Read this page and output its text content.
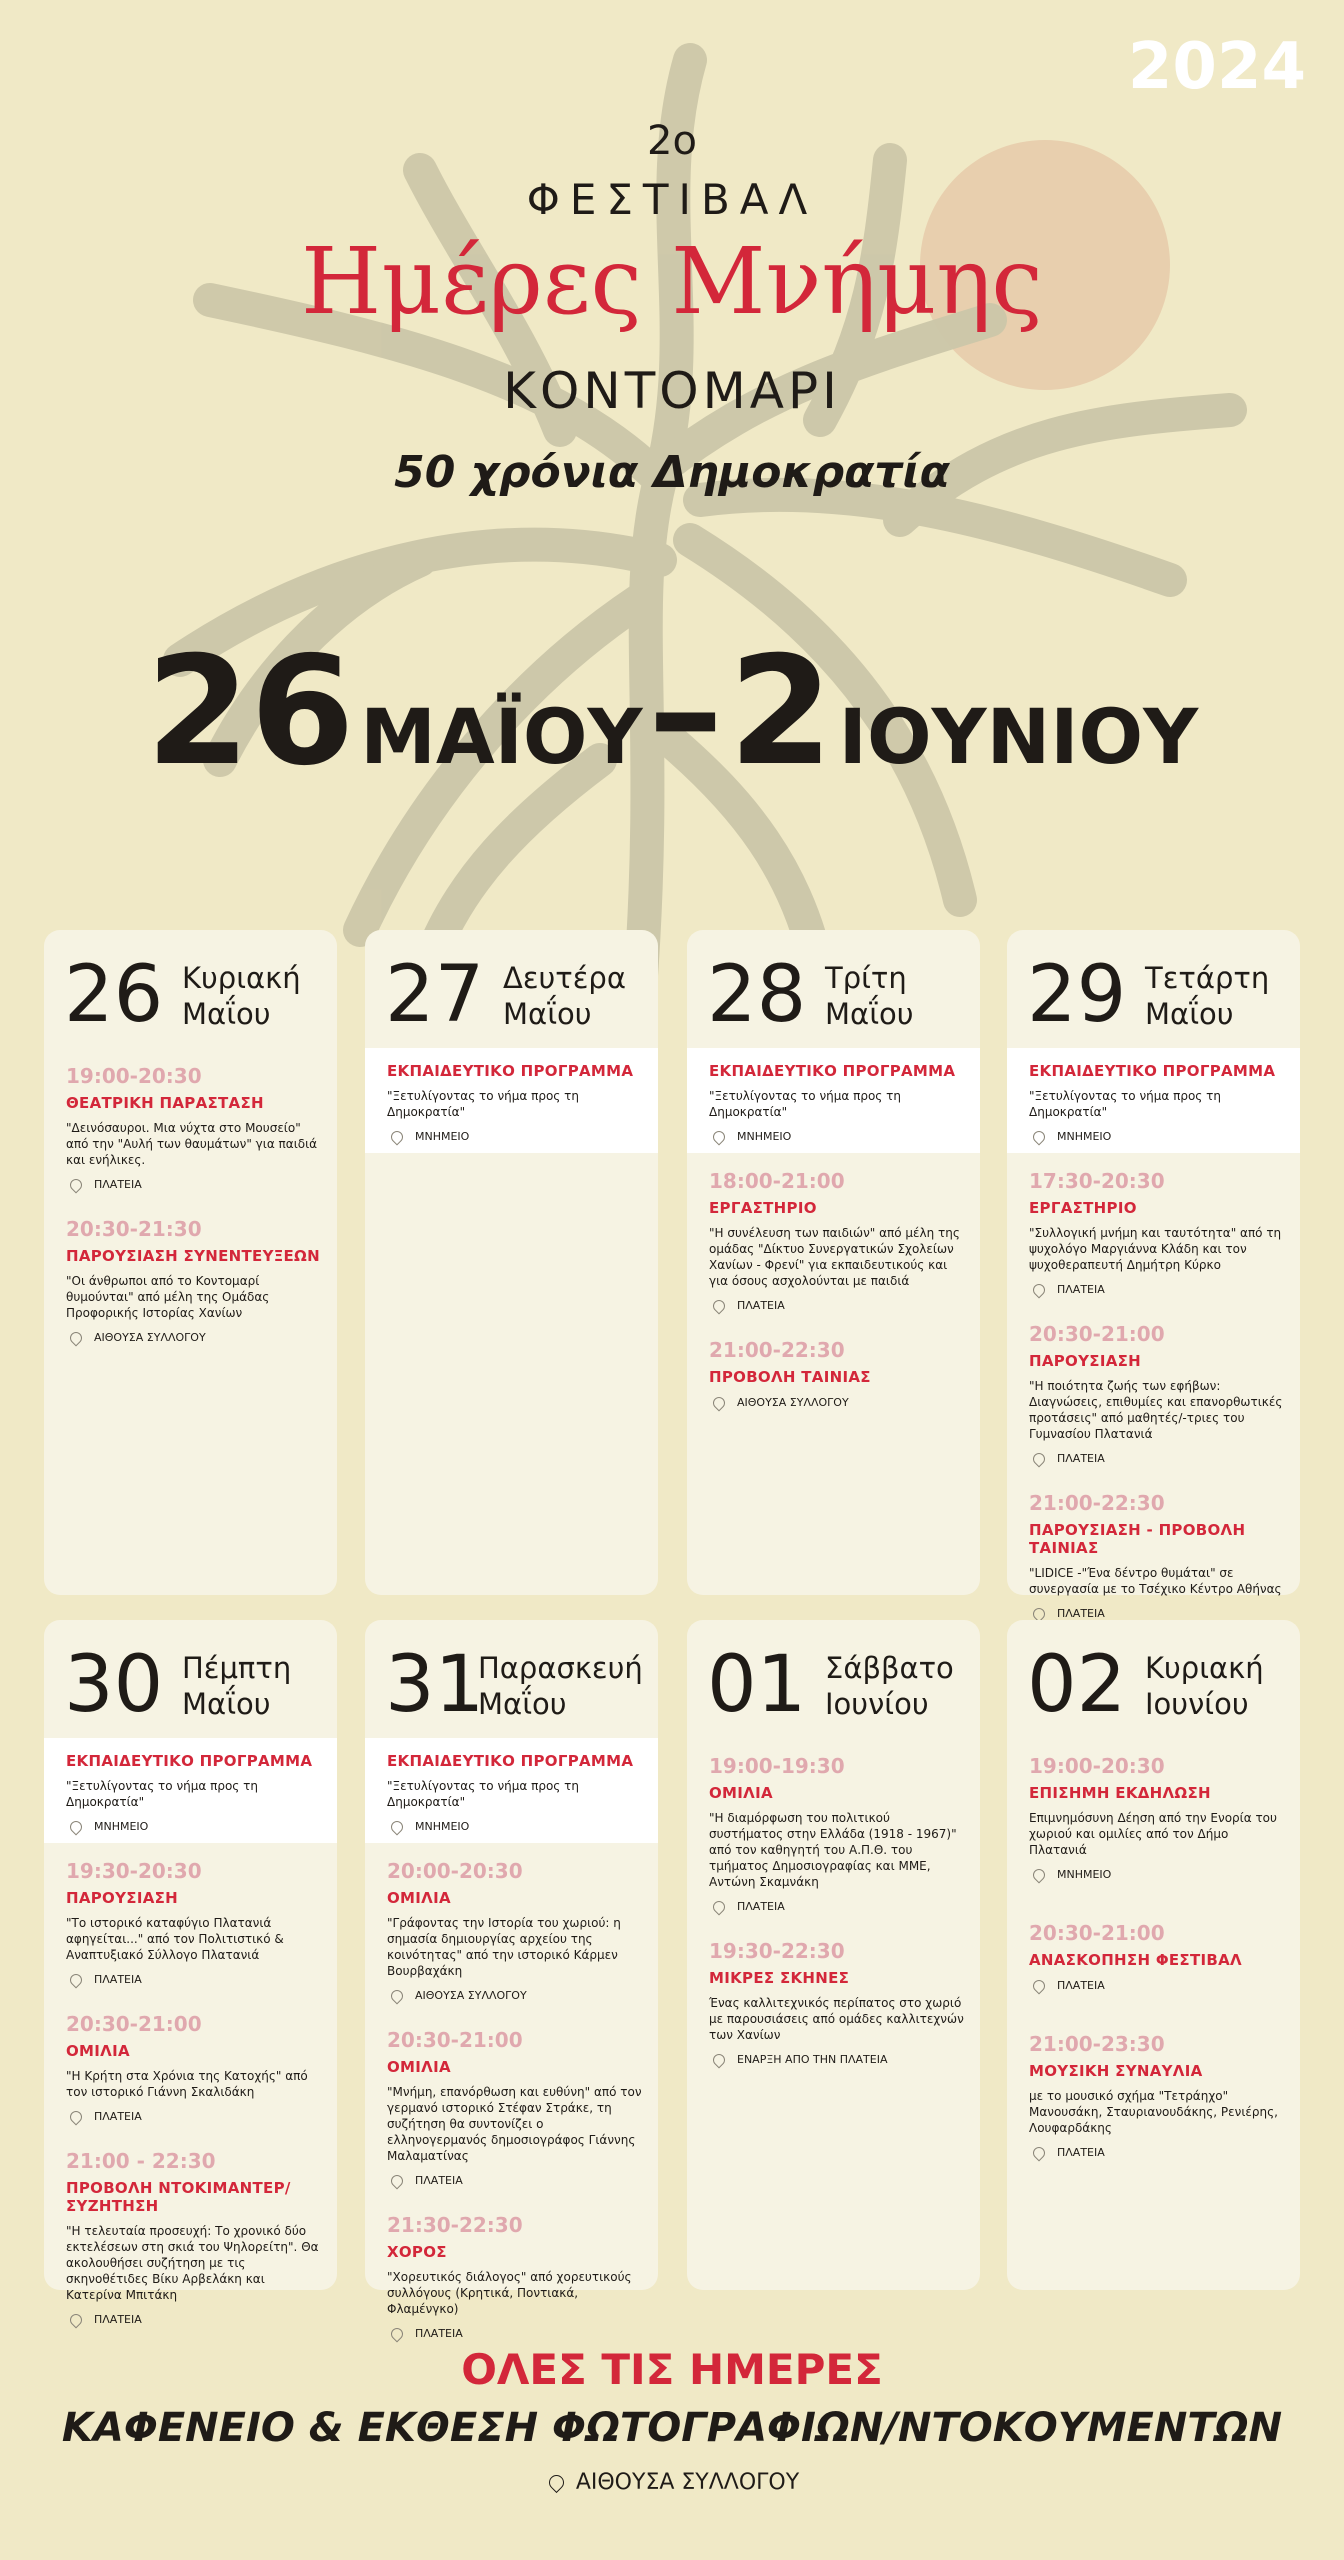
2024
2ο
ΦΕΣΤΙΒΑΛ
Ημέρες Μνήμης
ΚΟΝΤΟΜΑΡΙ
50 χρόνια Δημοκρατία
26 ΜΑΪΟΥ – 2 ΙΟΥΝΙΟΥ
26 Κυριακή
Μαΐου
19:00-20:30
ΘΕΑΤΡΙΚΗ ΠΑΡΑΣΤΑΣΗ
"Δεινόσαυροι. Μια νύχτα στο Μουσείο" από την "Αυλή των θαυμάτων" για παιδιά και ενήλικες.
ΠΛΑΤΕΙΑ
20:30-21:30
ΠΑΡΟΥΣΙΑΣΗ ΣΥΝΕΝΤΕΥΞΕΩΝ
"Οι άνθρωποι από το Κοντομαρί θυμούνται" από μέλη της Ομάδας Προφορικής Ιστορίας Χανίων
ΑΙΘΟΥΣΑ ΣΥΛΛΟΓΟΥ
27 Δευτέρα
Μαΐου
ΕΚΠΑΙΔΕΥΤΙΚΟ ΠΡΟΓΡΑΜΜΑ
"Ξετυλίγοντας το νήμα προς τη Δημοκρατία"
ΜΝΗΜΕΙΟ
28 Τρίτη
Μαΐου
ΕΚΠΑΙΔΕΥΤΙΚΟ ΠΡΟΓΡΑΜΜΑ
"Ξετυλίγοντας το νήμα προς τη Δημοκρατία"
ΜΝΗΜΕΙΟ
18:00-21:00
ΕΡΓΑΣΤΗΡΙΟ
"Η συνέλευση των παιδιών" από μέλη της ομάδας "Δίκτυο Συνεργατικών Σχολείων Χανίων - Φρενί" για εκπαιδευτικούς και για όσους ασχολούνται με παιδιά
ΠΛΑΤΕΙΑ
21:00-22:30
ΠΡΟΒΟΛΗ ΤΑΙΝΙΑΣ
ΑΙΘΟΥΣΑ ΣΥΛΛΟΓΟΥ
29 Τετάρτη
Μαΐου
ΕΚΠΑΙΔΕΥΤΙΚΟ ΠΡΟΓΡΑΜΜΑ
"Ξετυλίγοντας το νήμα προς τη Δημοκρατία"
ΜΝΗΜΕΙΟ
17:30-20:30
ΕΡΓΑΣΤΗΡΙΟ
"Συλλογική μνήμη και ταυτότητα" από τη ψυχολόγο Μαργιάννα Κλάδη και τον ψυχοθεραπευτή Δημήτρη Κύρκο
ΠΛΑΤΕΙΑ
20:30-21:00
ΠΑΡΟΥΣΙΑΣΗ
"Η ποιότητα ζωής των εφήβων: Διαγνώσεις, επιθυμίες και επανορθωτικές προτάσεις" από μαθητές/-τριες του Γυμνασίου Πλατανιά
ΠΛΑΤΕΙΑ
21:00-22:30
ΠΑΡΟΥΣΙΑΣΗ - ΠΡΟΒΟΛΗ ΤΑΙΝΙΑΣ
"LIDICE -"Ένα δέντρο θυμάται" σε συνεργασία με το Τσέχικο Κέντρο Αθήνας
ΠΛΑΤΕΙΑ
30 Πέμπτη
Μαΐου
ΕΚΠΑΙΔΕΥΤΙΚΟ ΠΡΟΓΡΑΜΜΑ
"Ξετυλίγοντας το νήμα προς τη Δημοκρατία"
ΜΝΗΜΕΙΟ
19:30-20:30
ΠΑΡΟΥΣΙΑΣΗ
"Το ιστορικό καταφύγιο Πλατανιά αφηγείται..." από τον Πολιτιστικό & Αναπτυξιακό Σύλλογο Πλατανιά
ΠΛΑΤΕΙΑ
20:30-21:00
ΟΜΙΛΙΑ
"Η Κρήτη στα Χρόνια της Κατοχής" από τον ιστορικό Γιάννη Σκαλιδάκη
ΠΛΑΤΕΙΑ
21:00 - 22:30
ΠΡΟΒΟΛΗ ΝΤΟΚΙΜΑΝΤΕΡ/ ΣΥΖΗΤΗΣΗ
"Η τελευταία προσευχή: Το χρονικό δύο εκτελέσεων στη σκιά του Ψηλορείτη". Θα ακολουθήσει συζήτηση με τις σκηνοθέτιδες Βίκυ Αρβελάκη και Κατερίνα Μπιτάκη
ΠΛΑΤΕΙΑ
31
Παρασκευή
Μαΐου
ΕΚΠΑΙΔΕΥΤΙΚΟ ΠΡΟΓΡΑΜΜΑ
"Ξετυλίγοντας το νήμα προς τη Δημοκρατία"
ΜΝΗΜΕΙΟ
20:00-20:30
ΟΜΙΛΙΑ
"Γράφοντας την Ιστορία του χωριού: η σημασία δημιουργίας αρχείου της κοινότητας" από την ιστορικό Κάρμεν Βουρβαχάκη
ΑΙΘΟΥΣΑ ΣΥΛΛΟΓΟΥ
20:30-21:00
ΟΜΙΛΙΑ
"Μνήμη, επανόρθωση και ευθύνη" από τον γερμανό ιστορικό Στέφαν Στράκε, τη συζήτηση θα συντονίζει ο ελληνογερμανός δημοσιογράφος Γιάννης Μαλαματίνας
ΠΛΑΤΕΙΑ
21:30-22:30
ΧΟΡΟΣ
"Χορευτικός διάλογος" από χορευτικούς συλλόγους (Κρητικά, Ποντιακά, Φλαμένγκο)
ΠΛΑΤΕΙΑ
01 Σάββατο
Ιουνίου
19:00-19:30
ΟΜΙΛΙΑ
"Η διαμόρφωση του πολιτικού συστήματος στην Ελλάδα (1918 - 1967)" από τον καθηγητή του Α.Π.Θ. του τμήματος Δημοσιογραφίας και ΜΜΕ, Αντώνη Σκαμνάκη
ΠΛΑΤΕΙΑ
19:30-22:30
ΜΙΚΡΕΣ ΣΚΗΝΕΣ
Ένας καλλιτεχνικός περίπατος στο χωριό με παρουσιάσεις από ομάδες καλλιτεχνών των Χανίων
ΕΝΑΡΞΗ ΑΠΟ ΤΗΝ ΠΛΑΤΕΙΑ
02 Κυριακή
Ιουνίου
19:00-20:30
ΕΠΙΣΗΜΗ ΕΚΔΗΛΩΣΗ
Επιμνημόσυνη Δέηση από την Ενορία του χωριού και ομιλίες από τον Δήμο Πλατανιά
ΜΝΗΜΕΙΟ
20:30-21:00
ΑΝΑΣΚΟΠΗΣΗ ΦΕΣΤΙΒΑΛ
ΠΛΑΤΕΙΑ
21:00-23:30
ΜΟΥΣΙΚΗ ΣΥΝΑΥΛΙΑ
με το μουσικό σχήμα "Τετράηχο" Μανουσάκη, Σταυριανουδάκης, Ρενιέρης, Λουφαρδάκης
ΠΛΑΤΕΙΑ
ΟΛΕΣ ΤΙΣ ΗΜΕΡΕΣ
ΚΑΦΕΝΕΙΟ & ΕΚΘΕΣΗ ΦΩΤΟΓΡΑΦΙΩΝ/ΝΤΟΚΟΥΜΕΝΤΩΝ
ΑΙΘΟΥΣΑ ΣΥΛΛΟΓΟΥ
